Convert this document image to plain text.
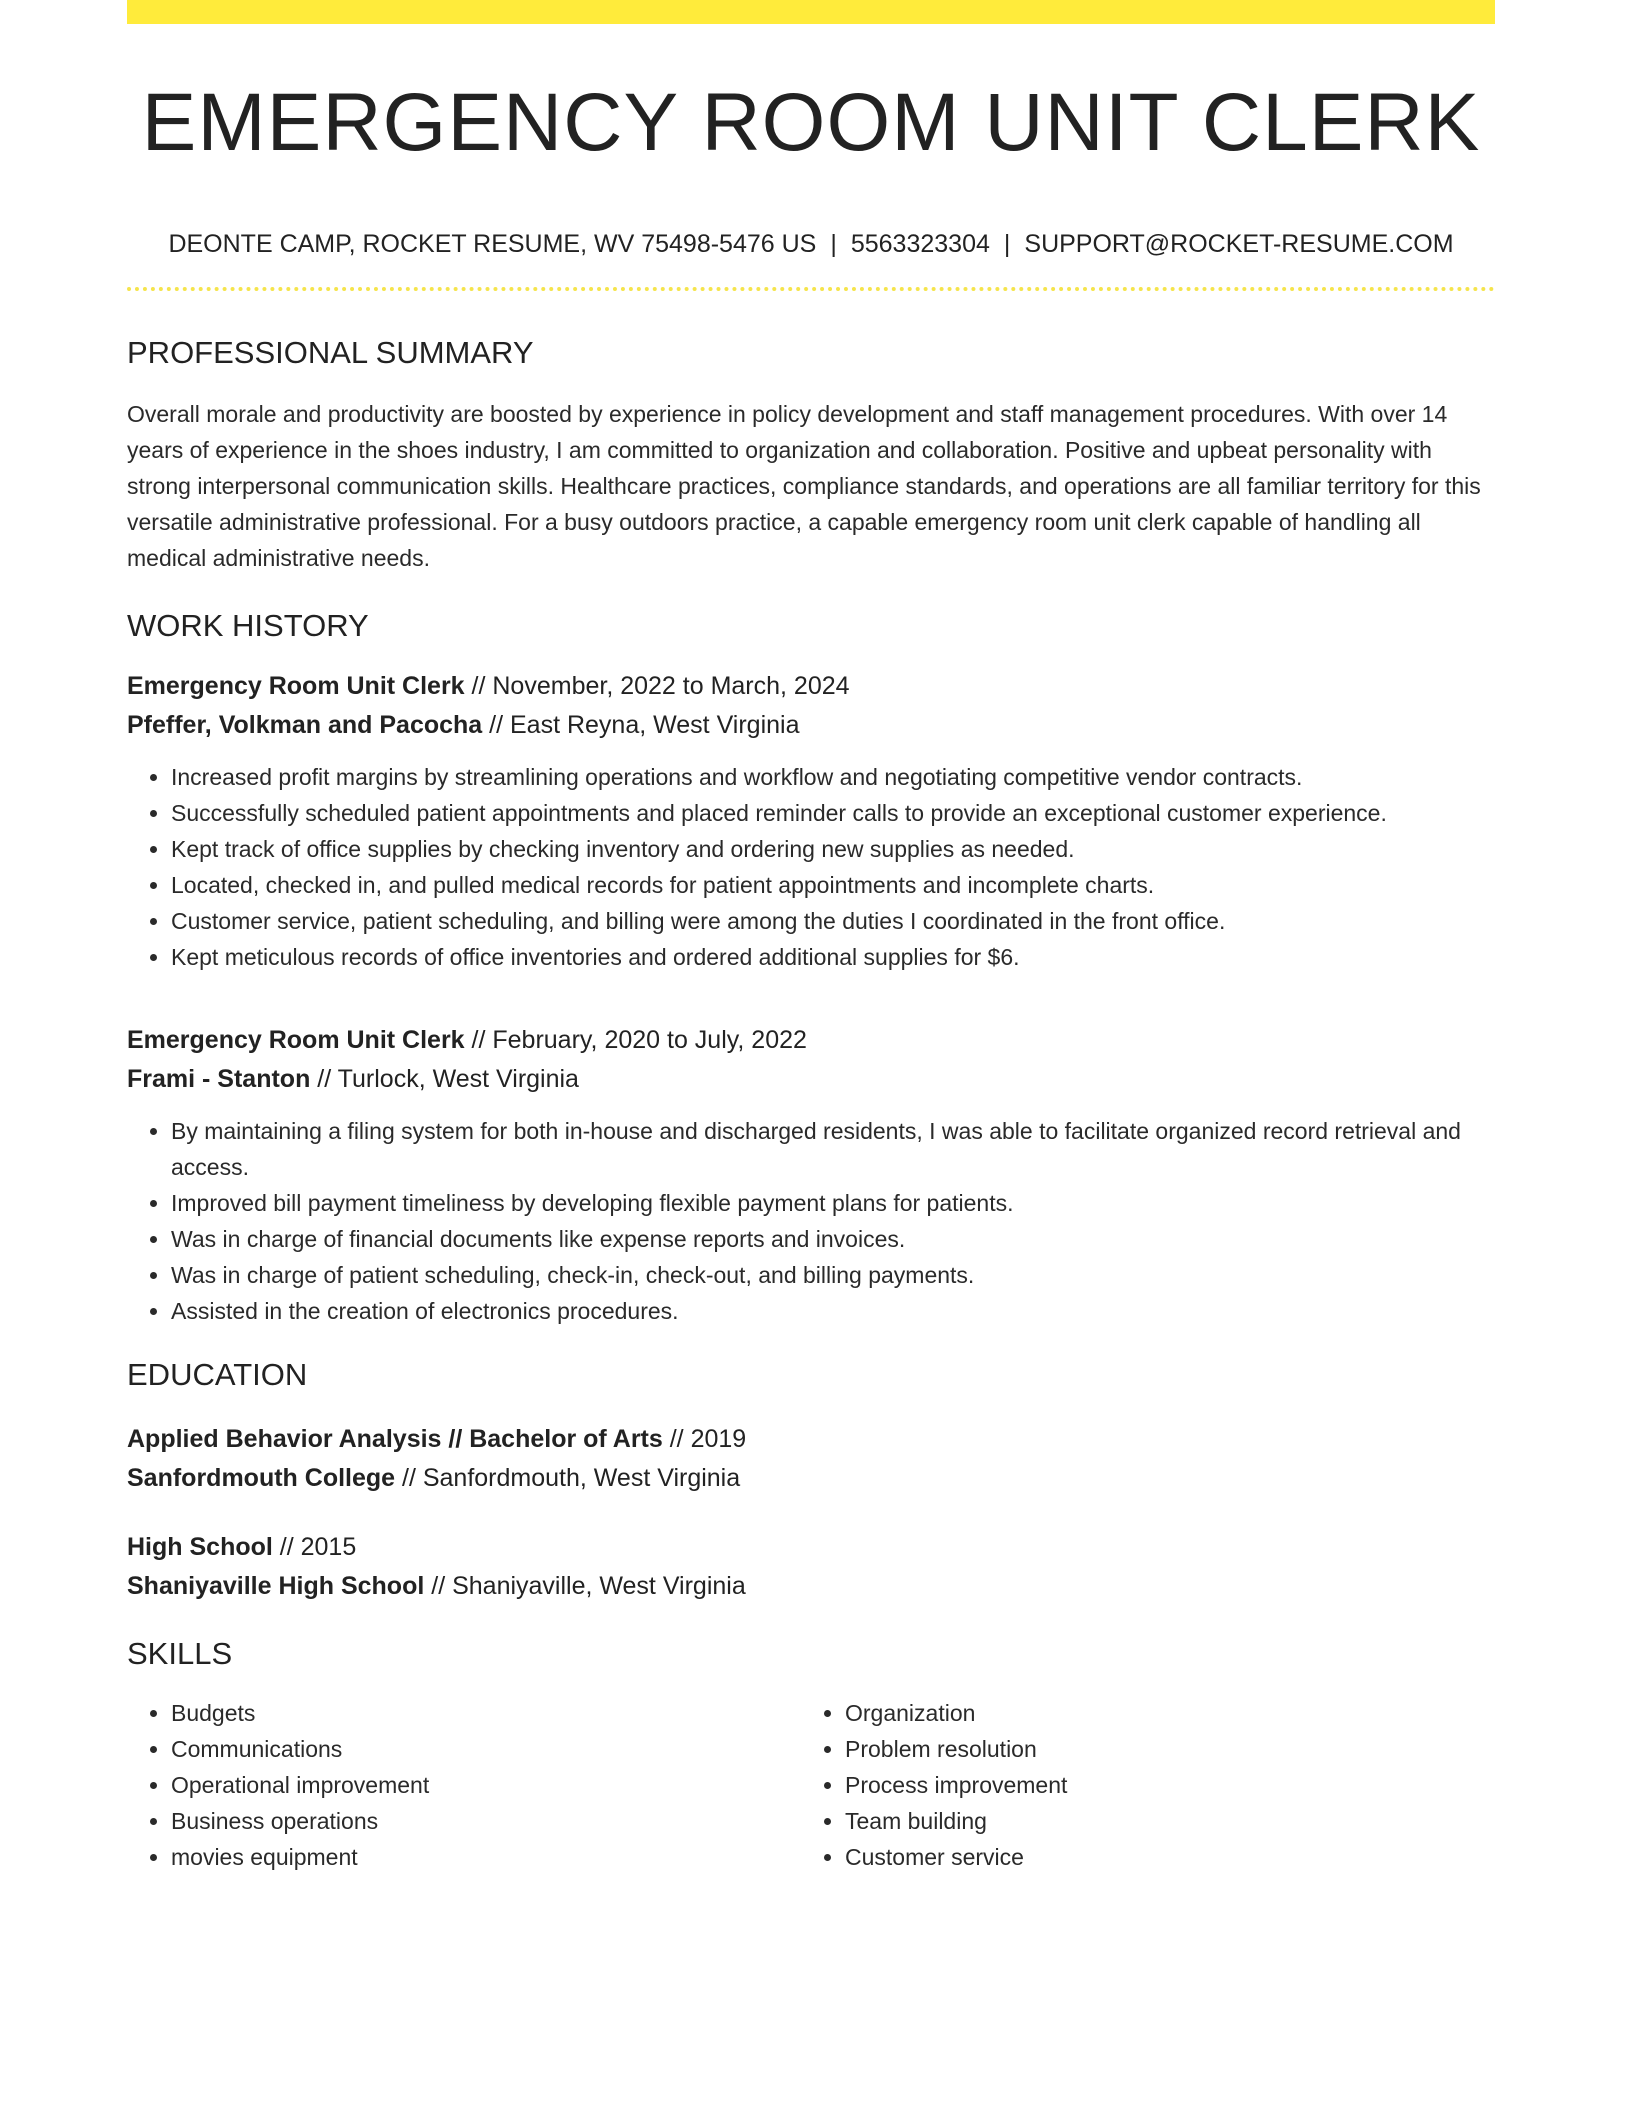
EMERGENCY ROOM UNIT CLERK
DEONTE CAMP, ROCKET RESUME, WV 75498-5476 US | 5563323304 | SUPPORT@ROCKET-RESUME.COM
PROFESSIONAL SUMMARY

Overall morale and productivity are boosted by experience in policy development and staff management procedures. With over 14 years of experience in the shoes industry, I am committed to organization and collaboration. Positive and upbeat personality with strong interpersonal communication skills. Healthcare practices, compliance standards, and operations are all familiar territory for this versatile administrative professional. For a busy outdoors practice, a capable emergency room unit clerk capable of handling all medical administrative needs.

WORK HISTORY
Emergency Room Unit Clerk // November, 2022 to March, 2024
Pfeffer, Volkman and Pacocha // East Reyna, West Virginia
• Increased profit margins by streamlining operations and workflow and negotiating competitive vendor contracts.
• Successfully scheduled patient appointments and placed reminder calls to provide an exceptional customer experience.
• Kept track of office supplies by checking inventory and ordering new supplies as needed.
• Located, checked in, and pulled medical records for patient appointments and incomplete charts.
• Customer service, patient scheduling, and billing were among the duties I coordinated in the front office.
• Kept meticulous records of office inventories and ordered additional supplies for $6.
Emergency Room Unit Clerk // February, 2020 to July, 2022
Frami - Stanton // Turlock, West Virginia
• By maintaining a filing system for both in-house and discharged residents, I was able to facilitate organized record retrieval and access.
• Improved bill payment timeliness by developing flexible payment plans for patients.
• Was in charge of financial documents like expense reports and invoices.
• Was in charge of patient scheduling, check-in, check-out, and billing payments.
• Assisted in the creation of electronics procedures.
EDUCATION
Applied Behavior Analysis // Bachelor of Arts // 2019
Sanfordmouth College // Sanfordmouth, West Virginia
High School // 2015
Shaniyaville High School // Shaniyaville, West Virginia
SKILLS
• Budgets
• Communications
• Operational improvement
• Business operations
• movies equipment
• Organization
• Problem resolution
• Process improvement
• Team building
• Customer service
